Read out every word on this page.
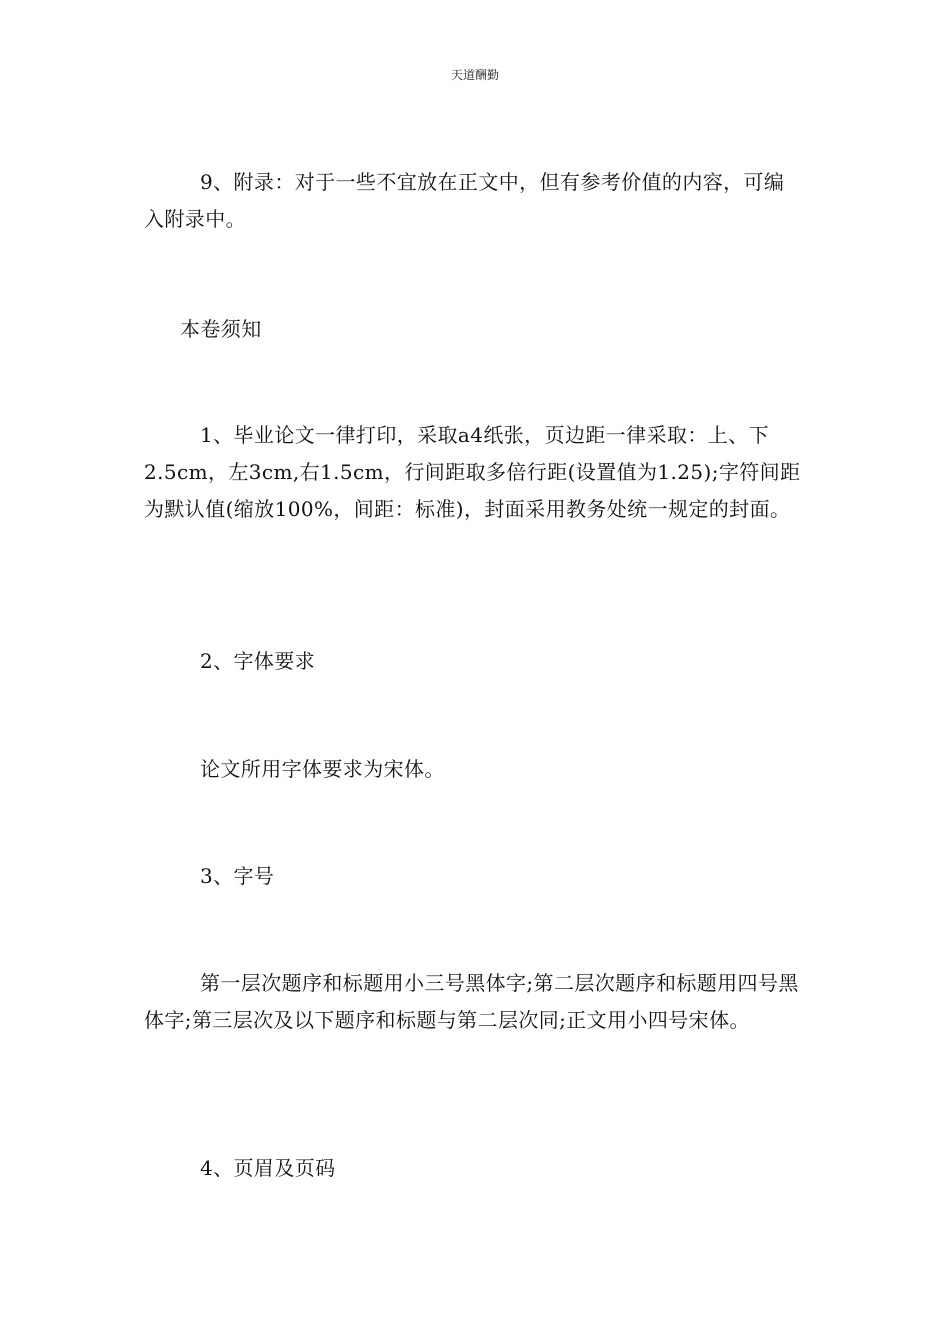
天道酬勤

9、附录：对于一些不宜放在正文中，但有参考价值的内容，可编入附录中。

本卷须知

1、毕业论文一律打印，采取a4纸张，页边距一律采取：上、下2.5cm，左3cm,右1.5cm，行间距取多倍行距(设置值为1.25);字符间距为默认值(缩放100%，间距：标准)，封面采用教务处统一规定的封面。

2、字体要求

论文所用字体要求为宋体。

3、字号

第一层次题序和标题用小三号黑体字;第二层次题序和标题用四号黑体字;第三层次及以下题序和标题与第二层次同;正文用小四号宋体。

4、页眉及页码
